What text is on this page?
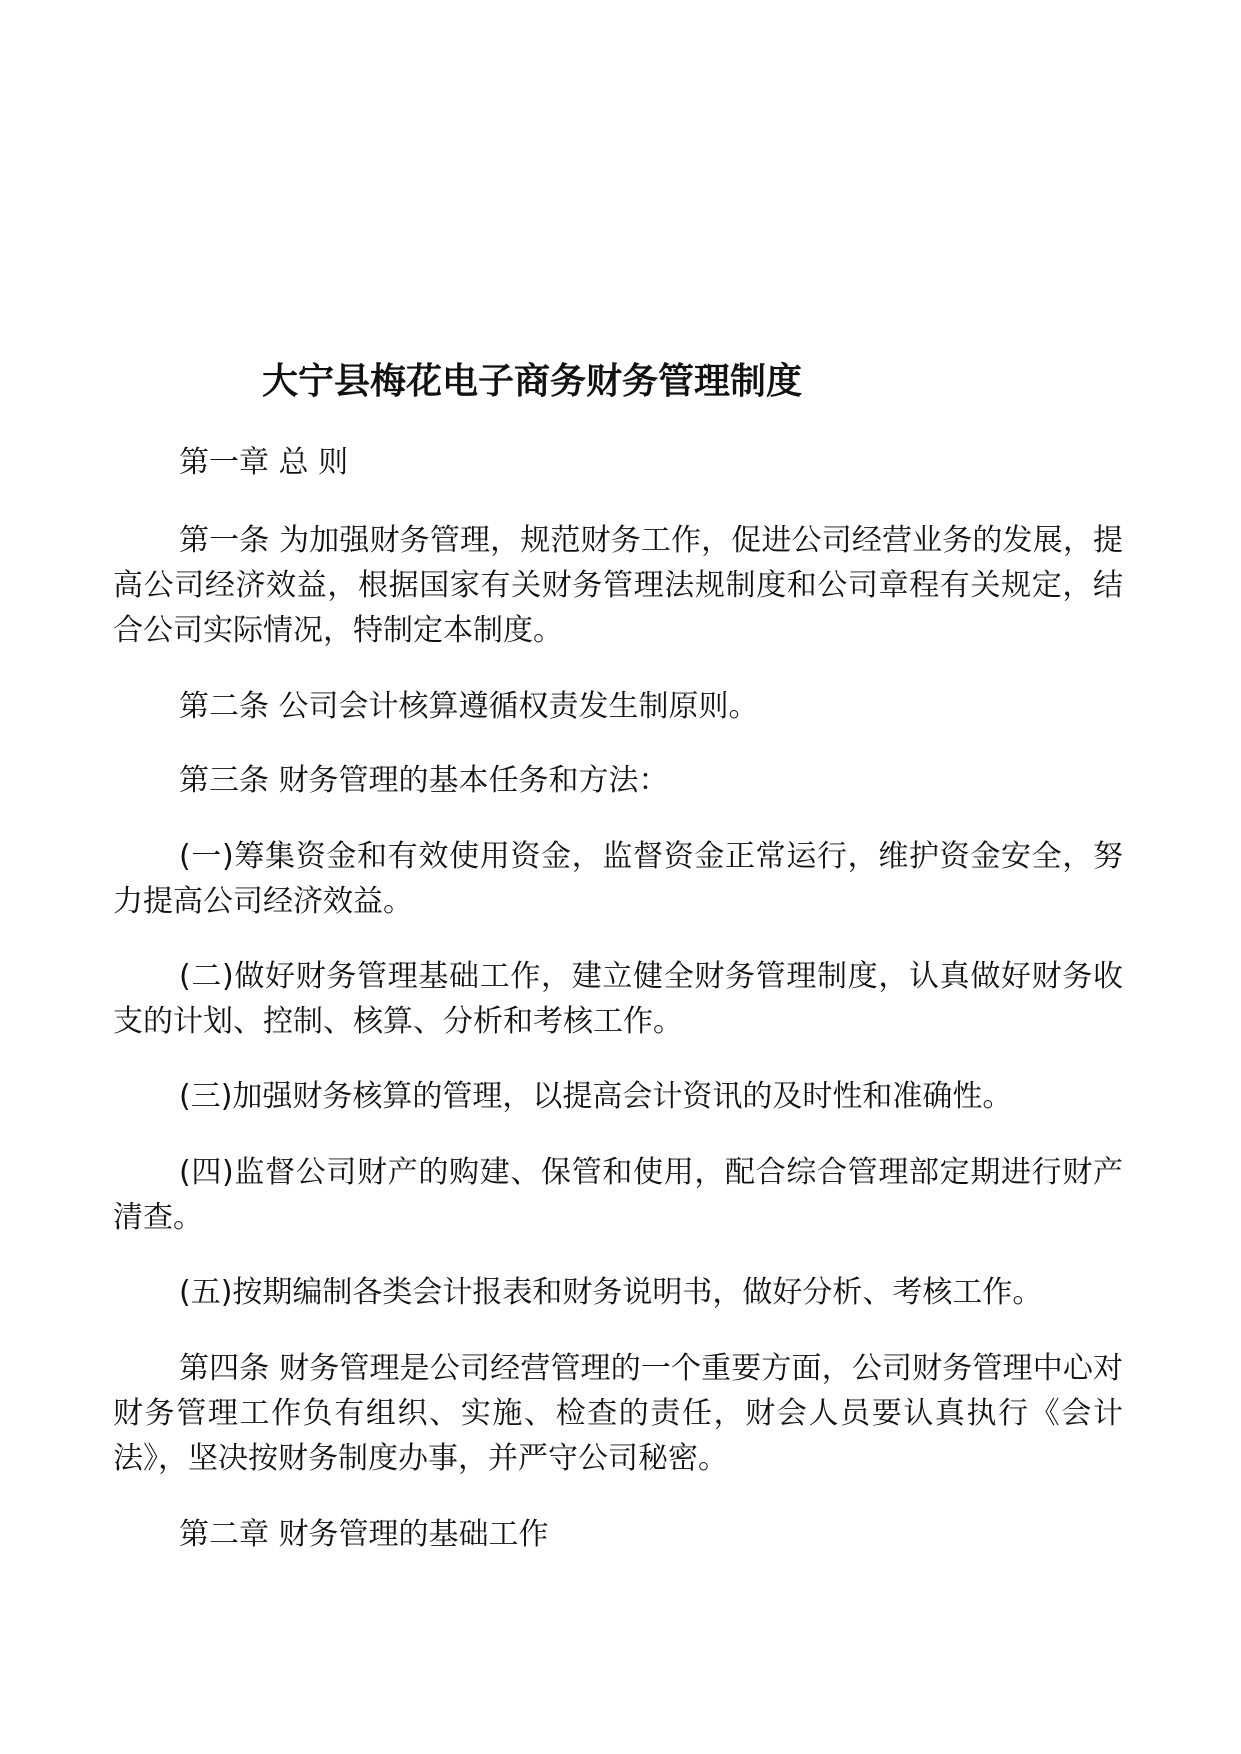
大宁县梅花电子商务财务管理制度

第一章 总 则

第一条 为加强财务管理，规范财务工作，促进公司经营业务的发展，提高公司经济效益，根据国家有关财务管理法规制度和公司章程有关规定，结合公司实际情况，特制定本制度。

第二条 公司会计核算遵循权责发生制原则。

第三条 财务管理的基本任务和方法：

(一)筹集资金和有效使用资金，监督资金正常运行，维护资金安全，努力提高公司经济效益。

(二)做好财务管理基础工作，建立健全财务管理制度，认真做好财务收支的计划、控制、核算、分析和考核工作。

(三)加强财务核算的管理，以提高会计资讯的及时性和准确性。

(四)监督公司财产的购建、保管和使用，配合综合管理部定期进行财产清查。

(五)按期编制各类会计报表和财务说明书，做好分析、考核工作。

第四条 财务管理是公司经营管理的一个重要方面，公司财务管理中心对财务管理工作负有组织、实施、检查的责任，财会人员要认真执行《会计法》，坚决按财务制度办事，并严守公司秘密。

第二章 财务管理的基础工作
